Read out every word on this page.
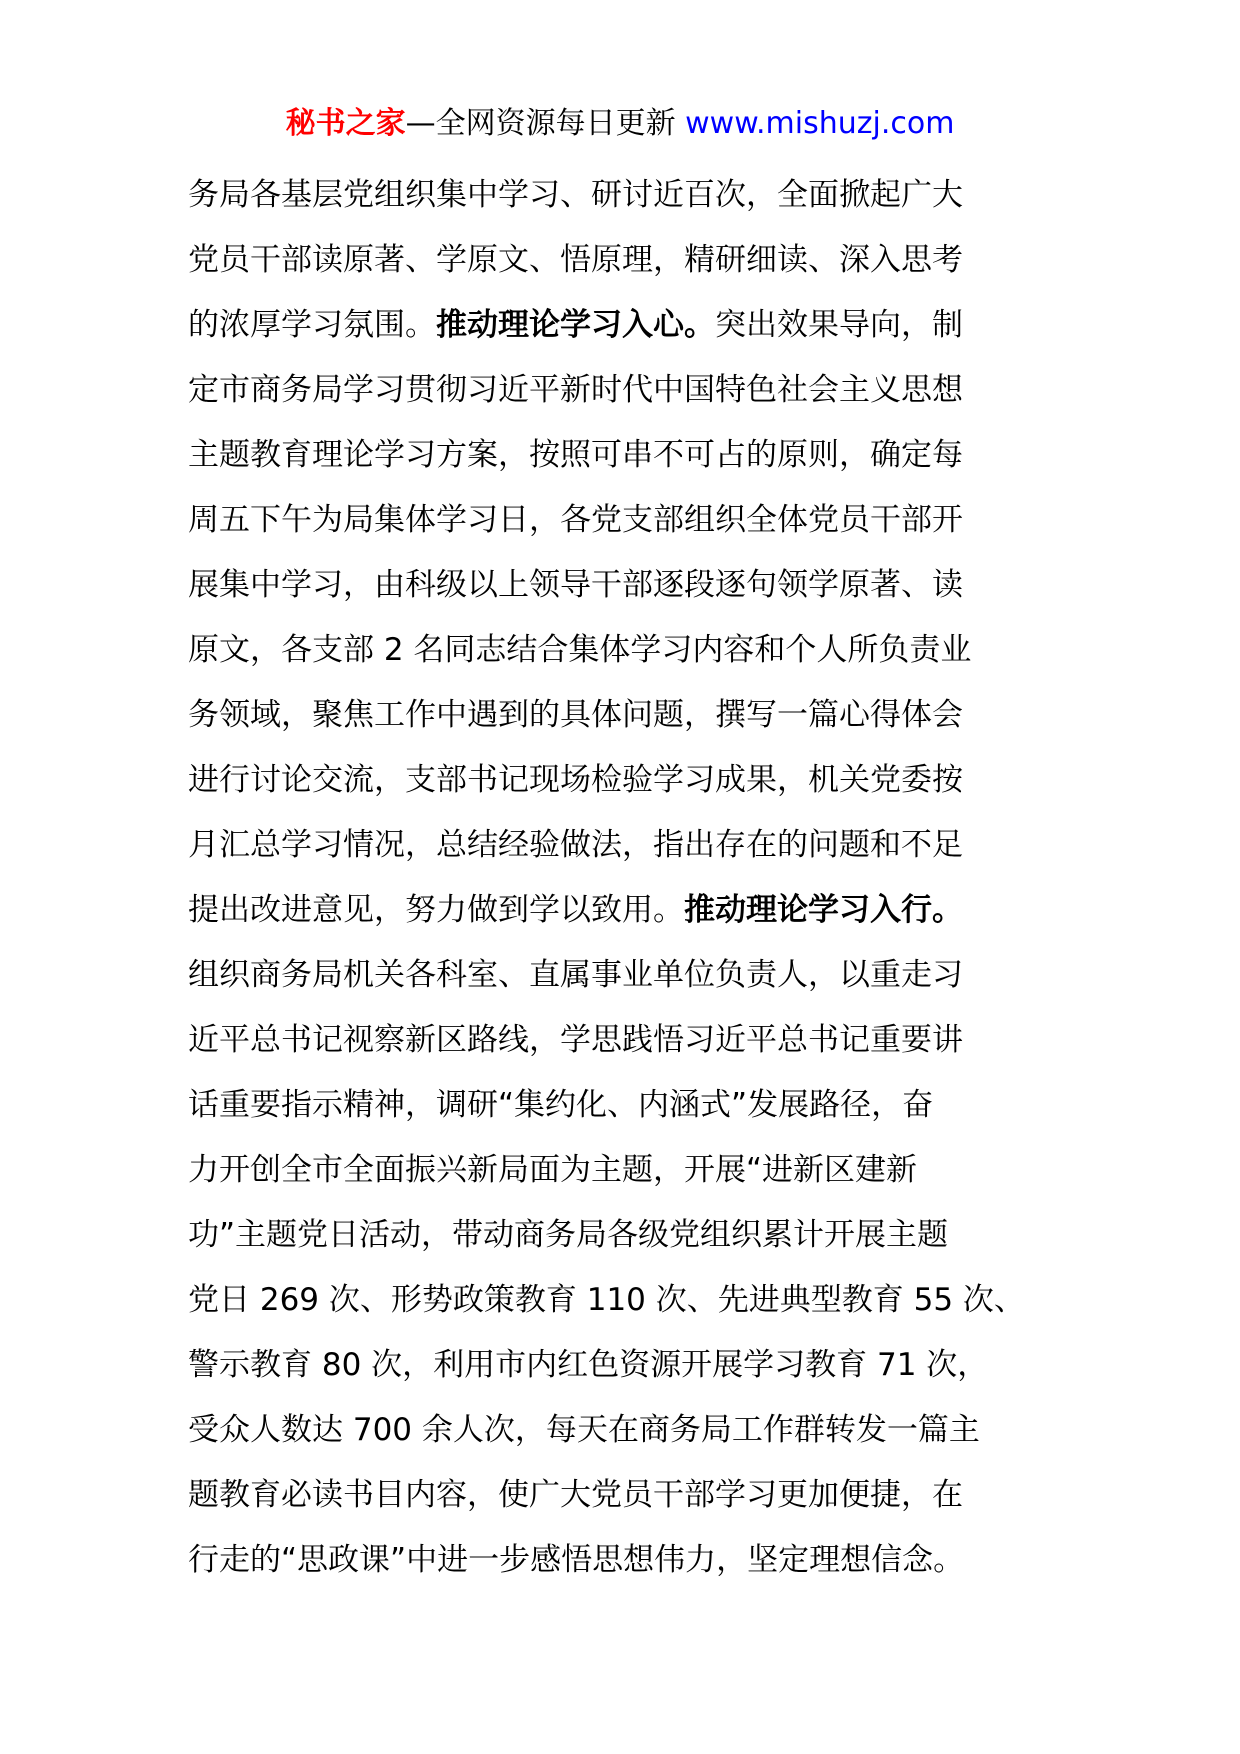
秘书之家—全网资源每日更新 www.mishuzj.com
务局各基层党组织集中学习、研讨近百次，全面掀起广大
党员干部读原著、学原文、悟原理，精研细读、深入思考
的浓厚学习氛围。推动理论学习入心。突出效果导向，制
定市商务局学习贯彻习近平新时代中国特色社会主义思想
主题教育理论学习方案，按照可串不可占的原则，确定每
周五下午为局集体学习日，各党支部组织全体党员干部开
展集中学习，由科级以上领导干部逐段逐句领学原著、读
原文，各支部 2 名同志结合集体学习内容和个人所负责业
务领域，聚焦工作中遇到的具体问题，撰写一篇心得体会
进行讨论交流，支部书记现场检验学习成果，机关党委按
月汇总学习情况，总结经验做法，指出存在的问题和不足
提出改进意见，努力做到学以致用。推动理论学习入行。
组织商务局机关各科室、直属事业单位负责人，以重走习
近平总书记视察新区路线，学思践悟习近平总书记重要讲
话重要指示精神，调研“集约化、内涵式”发展路径，奋
力开创全市全面振兴新局面为主题，开展“进新区建新
功”主题党日活动，带动商务局各级党组织累计开展主题
党日 269 次、形势政策教育 110 次、先进典型教育 55 次、
警示教育 80 次，利用市内红色资源开展学习教育 71 次，
受众人数达 700 余人次，每天在商务局工作群转发一篇主
题教育必读书目内容，使广大党员干部学习更加便捷，在
行走的“思政课”中进一步感悟思想伟力，坚定理想信念。
